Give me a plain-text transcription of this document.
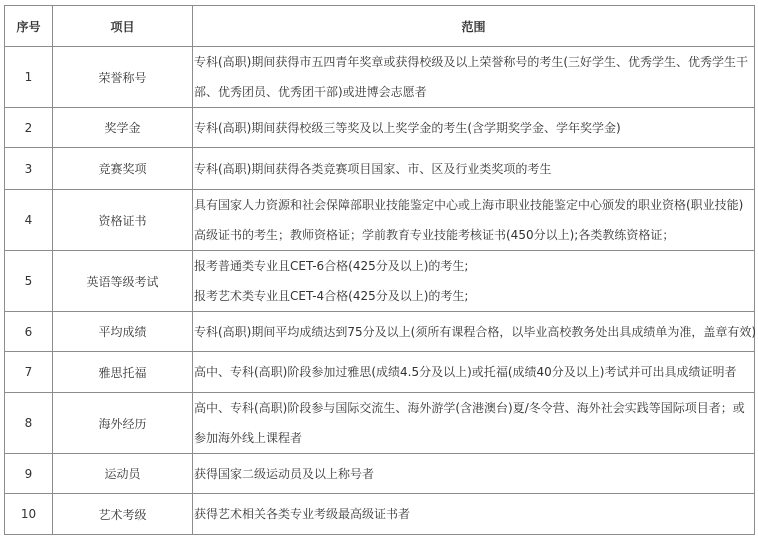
序号	项目	范围
1	荣誉称号	专科(高职)期间获得市五四青年奖章或获得校级及以上荣誉称号的考生(三好学生、优秀学生、优秀学生干
部、优秀团员、优秀团干部)或进博会志愿者

2	奖学金	专科(高职)期间获得校级三等奖及以上奖学金的考生(含学期奖学金、学年奖学金)

3	竞赛奖项	专科(高职)期间获得各类竞赛项目国家、市、区及行业类奖项的考生

4	资格证书	具有国家人力资源和社会保障部职业技能鉴定中心或上海市职业技能鉴定中心颁发的职业资格(职业技能)
高级证书的考生；教师资格证；学前教育专业技能考核证书(450分以上);各类教练资格证；

5	英语等级考试	报考普通类专业且CET-6合格(425分及以上)的考生;
报考艺术类专业且CET-4合格(425分及以上)的考生;

6	平均成绩	专科(高职)期间平均成绩达到75分及以上(须所有课程合格，以毕业高校教务处出具成绩单为准，盖章有效)

7	雅思托福	高中、专科(高职)阶段参加过雅思(成绩4.5分及以上)或托福(成绩40分及以上)考试并可出具成绩证明者

8	海外经历	高中、专科(高职)阶段参与国际交流生、海外游学(含港澳台)夏/冬令营、海外社会实践等国际项目者；或
参加海外线上课程者

9	运动员	获得国家二级运动员及以上称号者

10	艺术考级	获得艺术相关各类专业考级最高级证书者
